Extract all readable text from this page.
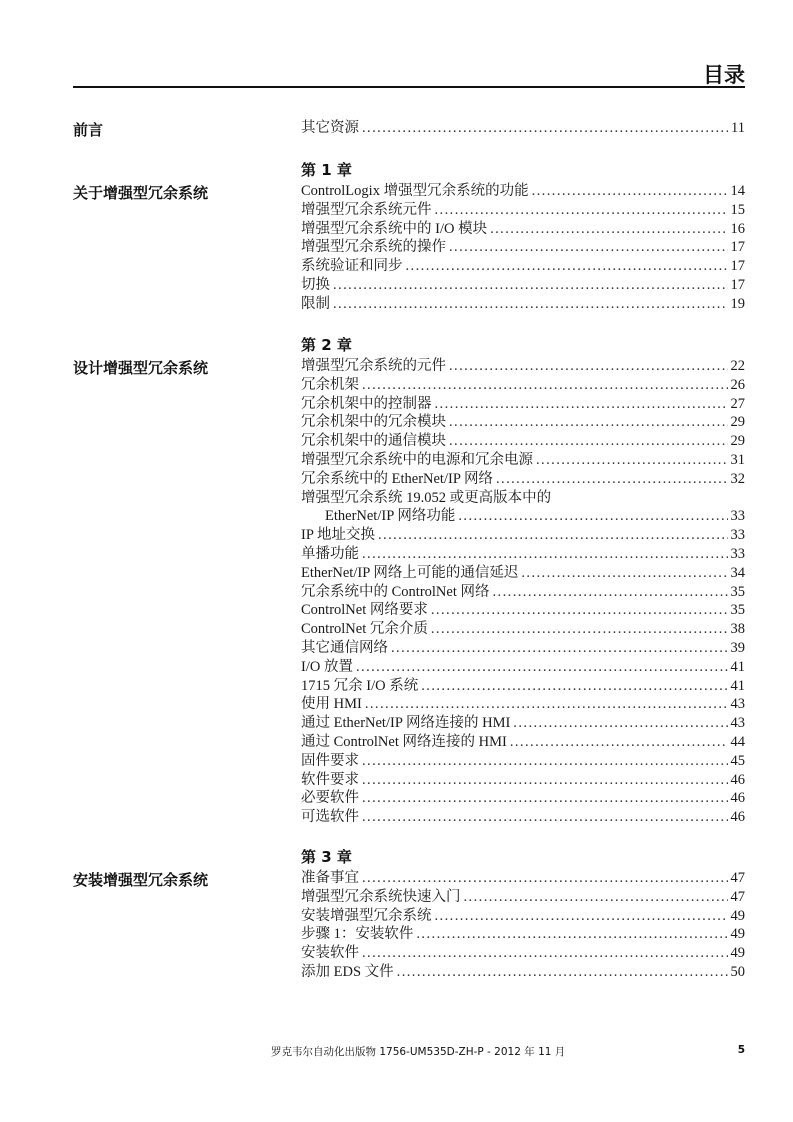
目录
前言	其它资源 . . .	11
关于增强型冗余系统
第 1 章
ControlLogix 增强型冗余系统的功能 . . .	14
增强型冗余系统元件 . . .	15
增强型冗余系统中的 I/O 模块 . . .	16
增强型冗余系统的操作 . . .	17
系统验证和同步 . . .	17
切换 . . .	17
限制 . . .	19
设计增强型冗余系统
第 2 章
增强型冗余系统的元件 . . .	22
冗余机架 . . .	26
冗余机架中的控制器 . . .	27
冗余机架中的冗余模块 . . .	29
冗余机架中的通信模块 . . .	29
增强型冗余系统中的电源和冗余电源 . . .	31
冗余系统中的 EtherNet/IP 网络 . . .	32
增强型冗余系统 19.052 或更高版本中的
EtherNet/IP 网络功能 . . .	33
IP 地址交换 . . .	33
单播功能 . . .	33
EtherNet/IP 网络上可能的通信延迟 . . .	34
冗余系统中的 ControlNet 网络 . . .	35
ControlNet 网络要求 . . .	35
ControlNet 冗余介质 . . .	38
其它通信网络 . . .	39
I/O 放置 . . .	41
1715 冗余 I/O 系统 . . .	41
使用 HMI . . .	43
通过 EtherNet/IP 网络连接的 HMI . . .	43
通过 ControlNet 网络连接的 HMI . . .	44
固件要求 . . .	45
软件要求 . . .	46
必要软件 . . .	46
可选软件 . . .	46
安装增强型冗余系统
第 3 章
准备事宜 . . .	47
增强型冗余系统快速入门 . . .	47
安装增强型冗余系统 . . .	49
步骤 1：安装软件 . . .	49
安装软件 . . .	49
添加 EDS 文件 . . .	50
罗克韦尔自动化出版物 1756-UM535D-ZH-P - 2012 年 11 月	5
